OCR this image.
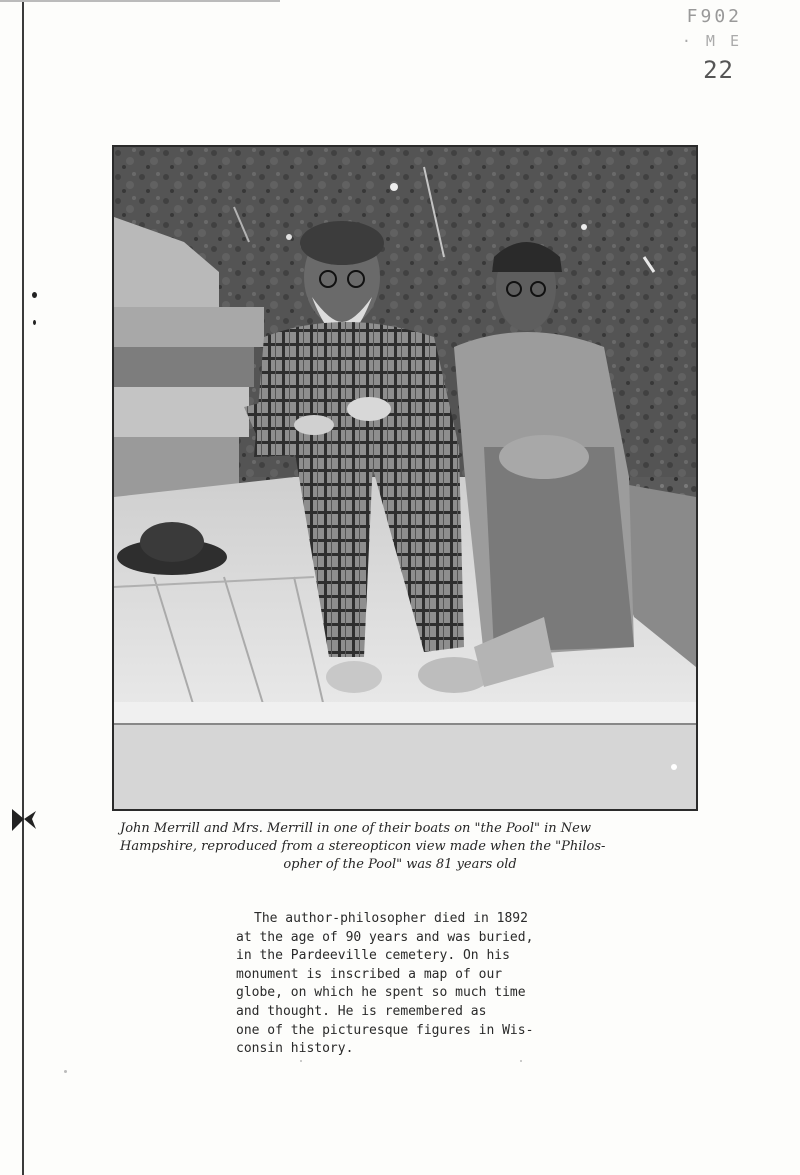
F902
· M E
22
John Merrill and Mrs. Merrill in one of their boats on "the Pool" in New
Hampshire, reproduced from a stereopticon view made when the "Philos-
opher of the Pool" was 81 years old
The author-philosopher died in 1892
at the age of 90 years and was buried,
in the Pardeeville cemetery. On his
monument is inscribed a map of our
globe, on which he spent so much time
and thought. He is remembered as
one of the picturesque figures in Wis-
consin history.
